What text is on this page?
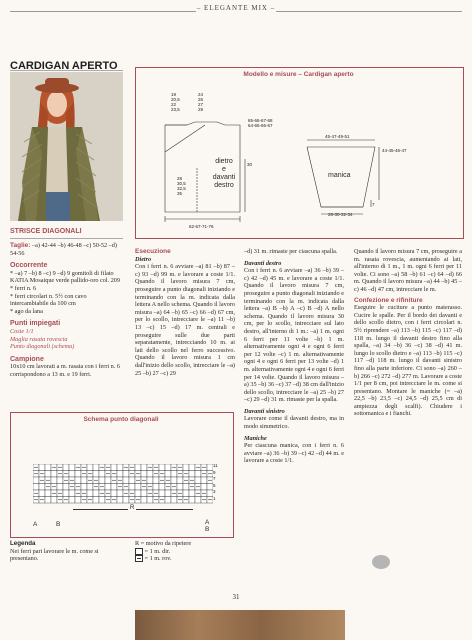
– ELEGANTE MIX –
CARDIGAN APERTO
Modello e misure – Cardigan aperto
19
20,5
22
23,5
24
26
27
29
65-66-67-68
64-65-66-67
dietro
e
davanti
destro
28
30,5
32,5
35
30
62-67-71-76
45-47-49-51
44-45-46-47
manica
7
28-30-32-34
STRISCE DIAGONALI

Taglie: –a) 42-44 –b) 46-48 –c) 50-52 –d) 54-56

Occorrente

* –a) 7 –b) 8 –c) 9 –d) 9 gomitoli di filato KATIA Mosaique verde pallido-oro col. 209

* ferri n. 6

* ferri circolari n. 5½ con cavo intercambiabile da 100 cm

* ago da lana

Punti impiegati

Coste 1/1

Maglia rasata rovescia

Punto diagonali (schema)

Campione

10x10 cm lavorati a m. rasata con i ferri n. 6 corrispondono a 13 m. e 19 ferri.

Schema punto diagonali
11
9
7
5
3
1
R
A	B	A
B

Legenda

Nei ferri pari lavorare le m. come si presentano.

R = motivo da ripetere

= 1 m. dir.

= 1 m. rov.

Esecuzione

Dietro

Con i ferri n. 6 avviare –a) 81 –b) 87 –c) 93 –d) 99 m. e lavorare a coste 1/1. Quando il lavoro misura 7 cm, proseguire a punto diagonali iniziando e terminando con la m. indicata dalla lettera A nello schema. Quando il lavoro misura –a) 64 –b) 65 –c) 66 –d) 67 cm, per lo scollo, intrecciare le –a) 11 –b) 13 –c) 15 –d) 17 m. centrali e proseguire sulle due parti separatamente, intrecciando 10 m. ai lati dello scollo nel ferro successivo. Quando il lavoro misura 1 cm dall'inizio dello scollo, intrecciare le –a) 25 –b) 27 –c) 29

–d) 31 m. rimaste per ciascuna spalla.

Davanti destro

Con i ferri n. 6 avviare –a) 36 –b) 39 –c) 42 –d) 45 m. e lavorare a coste 1/1. Quando il lavoro misura 7 cm, proseguire a punto diagonali iniziando e terminando con la m. indicata dalla lettera –a) B –b) A –c) B –d) A nello schema. Quando il lavoro misura 30 cm, per lo scollo, intrecciare sul lato destro, all'interno di 1 m.: –a) 1 m. ogni 6 ferri per 11 volte –b) 1 m. alternativamente ogni 4 e ogni 6 ferri per 12 volte –c) 1 m. alternativamente ogni 4 e ogni 6 ferri per 13 volte –d) 1 m. alternativamente ogni 4 e ogni 6 ferri per 14 volte. Quando il lavoro misura –a) 35 –b) 36 –c) 37 –d) 38 cm dall'inizio dello scollo, intrecciare le –a) 25 –b) 27 –c) 29 –d) 31 m. rimaste per la spalla.

Davanti sinistro

Lavorare come il davanti destro, ma in modo simmetrico.

Maniche

Per ciascuna manica, con i ferri n. 6 avviare –a) 36 –b) 39 –c) 42 –d) 44 m. e lavorare a coste 1/1.

Quando il lavoro misura 7 cm, proseguire a m. rasata rovescia, aumentando ai lati, all'interno di 1 m., 1 m. ogni 6 ferri per 11 volte. Ci sono –a) 58 –b) 61 –c) 64 –d) 66 m. Quando il lavoro misura –a) 44 –b) 45 –c) 46 –d) 47 cm, intrecciare le m.

Confezione e rifiniture

Eseguire le cuciture a punto materasso. Cucire le spalle. Per il bordo dei davanti e dello scollo dietro, con i ferri circolari n. 5½ riprendere –a) 113 –b) 115 –c) 117 –d) 118 m. lungo il davanti destro fino alla spalla, –a) 34 –b) 36 –c) 38 –d) 41 m. lungo lo scollo dietro e –a) 113 –b) 115 –c) 117 –d) 118 m. lungo il davanti sinistro fino alla parte inferiore. Ci sono –a) 260 –b) 266 –c) 272 –d) 277 m. Lavorare a coste 1/1 per 8 cm, poi intrecciare le m. come si presentano. Montare le maniche (= –a) 22,5 –b) 23,5 –c) 24,5 –d) 25,5 cm di ampiezza degli scalfi). Chiudere i sottomanica e i fianchi.

31
